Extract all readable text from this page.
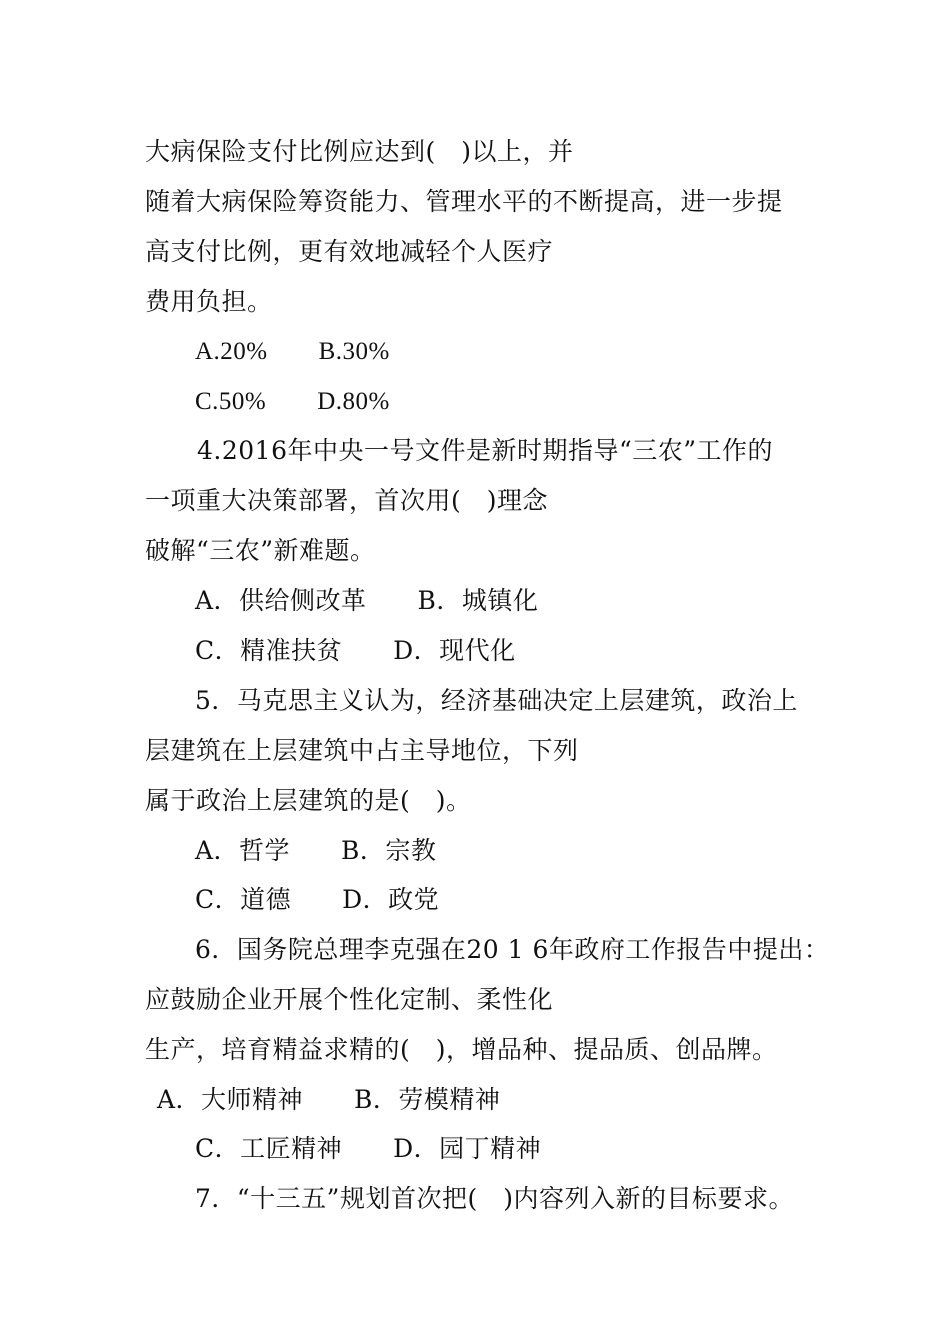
大病保险支付比例应达到(　)以上，并
随着大病保险筹资能力、管理水平的不断提高，进一步提
高支付比例，更有效地减轻个人医疗
费用负担。
A.20%　　B.30%
C.50%　　D.80%
4.2016年中央一号文件是新时期指导“三农”工作的
一项重大决策部署，首次用(　)理念
破解“三农”新难题。
A．供给侧改革　　B．城镇化
C．精准扶贫　　D．现代化
5．马克思主义认为，经济基础决定上层建筑，政治上
层建筑在上层建筑中占主导地位，下列
属于政治上层建筑的是(　)。
A．哲学　　B．宗教
C．道德　　D．政党
6．国务院总理李克强在20 1 6年政府工作报告中提出：
应鼓励企业开展个性化定制、柔性化
生产，培育精益求精的(　)，增品种、提品质、创品牌。
A．大师精神　　B．劳模精神
C．工匠精神　　D．园丁精神
7．“十三五”规划首次把(　)内容列入新的目标要求。
